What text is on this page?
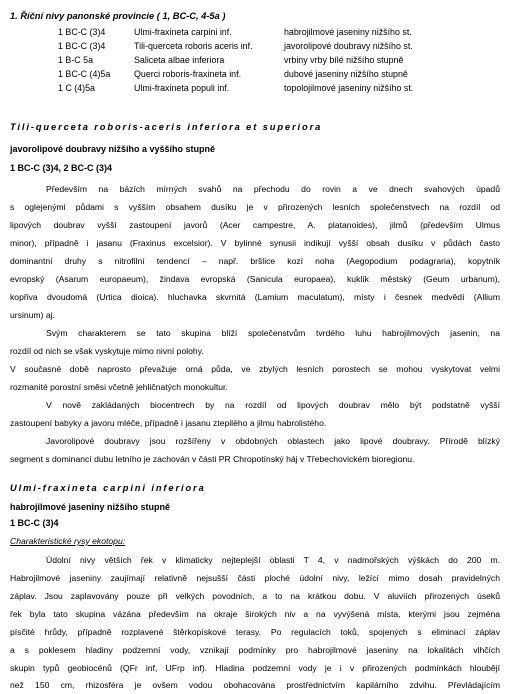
1. Říční nivy panonské provincie ( 1, BC-C, 4-5a )
1 BC-C (3)4	Ulmi-fraxineta carpini inf.	habrojilmové jaseniny nižšího st.
1 BC-C (3)4	Tili-querceta roboris aceris inf.	javorolipové doubravy nižšího st.
1 B-C 5a	Saliceta albae inferiora	vrbiny vrby bílé nižšího stupně
1 BC-C (4)5a	Querci roboris-fraxineta inf.	dubové jaseniny nižšího stupně
1 C (4)5a	Ulmi-fraxineta populi inf.	topolojilmové jaseniny nižšího st.
Tili-querceta roboris-aceris inferiora et superiora
javorolipové doubravy nižšího a vyššího stupně
1 BC-C (3)4, 2 BC-C (3)4
Především na bázích mírných svahů na přechodu do rovin a ve dnech svahových úpadů
s oglejenými půdami s vyšším obsahem dusíku je v přirozených lesních společenstvech na rozdíl od
lipových doubrav vyšší zastoupení javorů (Acer campestre, A. platanoides), jilmů (především Ulmus
minor), případně i jasanu (Fraxinus excelsior). V bylinné synusii indikují vyšší obsah dusíku v půdách často
dominantní druhy s nitrofilní tendencí – např. bršlice kozí noha (Aegopodium podagraria), kopytník
evropský (Asarum europaeum), žindava evropská (Sanicula europaea), kuklík městský (Geum urbanum),
kopřiva dvoudomá (Urtica dioica). hluchavka skvrnitá (Lamium maculatum), místy i česnek medvědí (Allium
ursinum) aj.
Svým charakterem se tato skupina blíží společenstvům tvrdého luhu habrojilmových jasenin, na
rozdíl od nich se však vyskytuje mimo nivní polohy.
V současné době naprosto převažuje orná půda, ve zbylých lesních porostech se mohou vyskytovat velmi
rozmanité porostní směsi včetně jehličnatých monokultur.
V nově zakládaných biocentrech by na rozdíl od lipových doubrav mělo být podstatně vyšší
zastoupení babyky a javoru mléče, případně i jasanu ztepilého a jilmu habrolistého.
Javorolipové doubravy jsou rozšířeny v obdobných oblastech jako lipové doubravy. Přírodě blízký
segment s dominancí dubu letního je zachován v části PR Chropotínský háj v Třebechovickém bioregionu.
Ulmi-fraxineta carpini inferiora
habrojilmové jaseniny nižšího stupně
1 BC-C (3)4
Charakteristické rysy ekotopu:
Údolní nivy větších řek v klimaticky nejteplejší oblasti T 4, v nadmořských výškách do 200 m.
Habrojilmové jaseniny zaujímají relativně nejsušší části ploché údolní nivy, ležící mimo dosah pravidelných
záplav. Jsou zaplavovány pouze při velkých povodních, a to na krátkou dobu. V aluviích přirozených úseků
řek byla tato skupina vázána především na okraje širokých niv a na vyvýšená místa, kterými jsou zejména
písčité hrůdy, případně rozplavené štěrkopískové terasy. Po regulacích toků, spojených s eliminací záplav
a s poklesem hladiny podzemní vody, vznikají podmínky pro habrojilmové jaseniny na lokalitách vlhčích
skupin typů geobiocénů (QFr inf, UFrp inf). Hladina podzemní vody je i v přirozených podmínkách hloubějí
než 150 cm, rhizosféra je ovšem vodou obohacována prostřednictvím kapilárního zdvihu. Převládajícím
